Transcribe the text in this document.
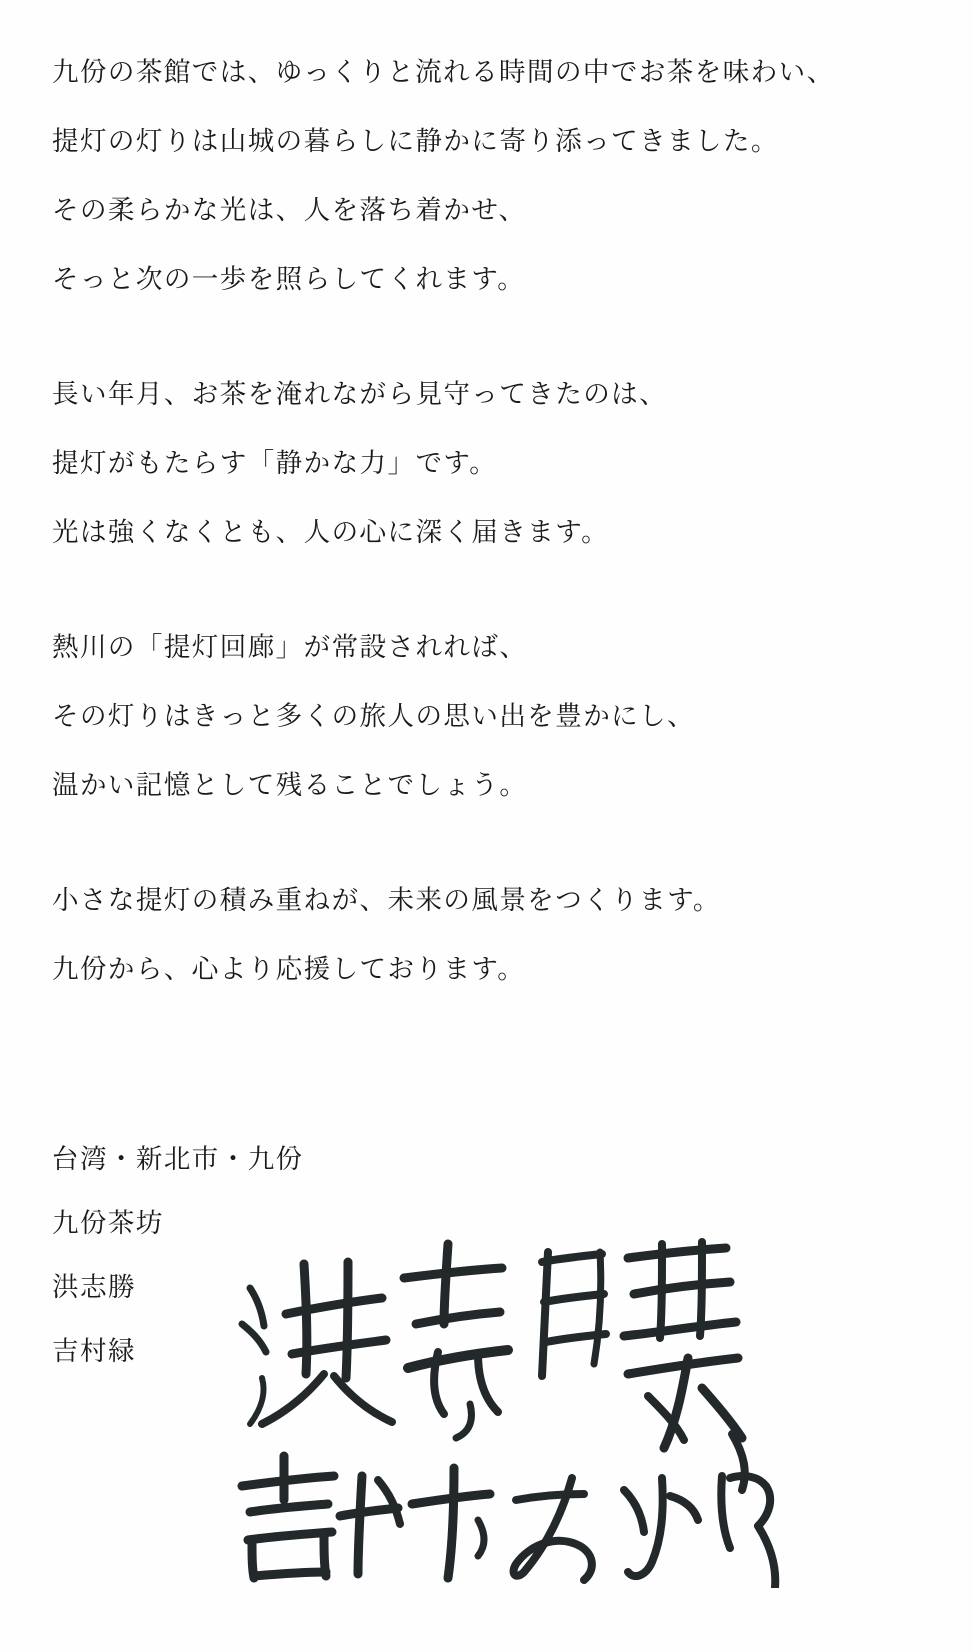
九份の茶館では、ゆっくりと流れる時間の中でお茶を味わい、
提灯の灯りは山城の暮らしに静かに寄り添ってきました。
その柔らかな光は、人を落ち着かせ、
そっと次の一歩を照らしてくれます。
長い年月、お茶を淹れながら見守ってきたのは、
提灯がもたらす「静かな力」です。
光は強くなくとも、人の心に深く届きます。
熱川の「提灯回廊」が常設されれば、
その灯りはきっと多くの旅人の思い出を豊かにし、
温かい記憶として残ることでしょう。
小さな提灯の積み重ねが、未来の風景をつくります。
九份から、心より応援しております。
台湾・新北市・九份
九份茶坊
洪志勝
吉村緑
